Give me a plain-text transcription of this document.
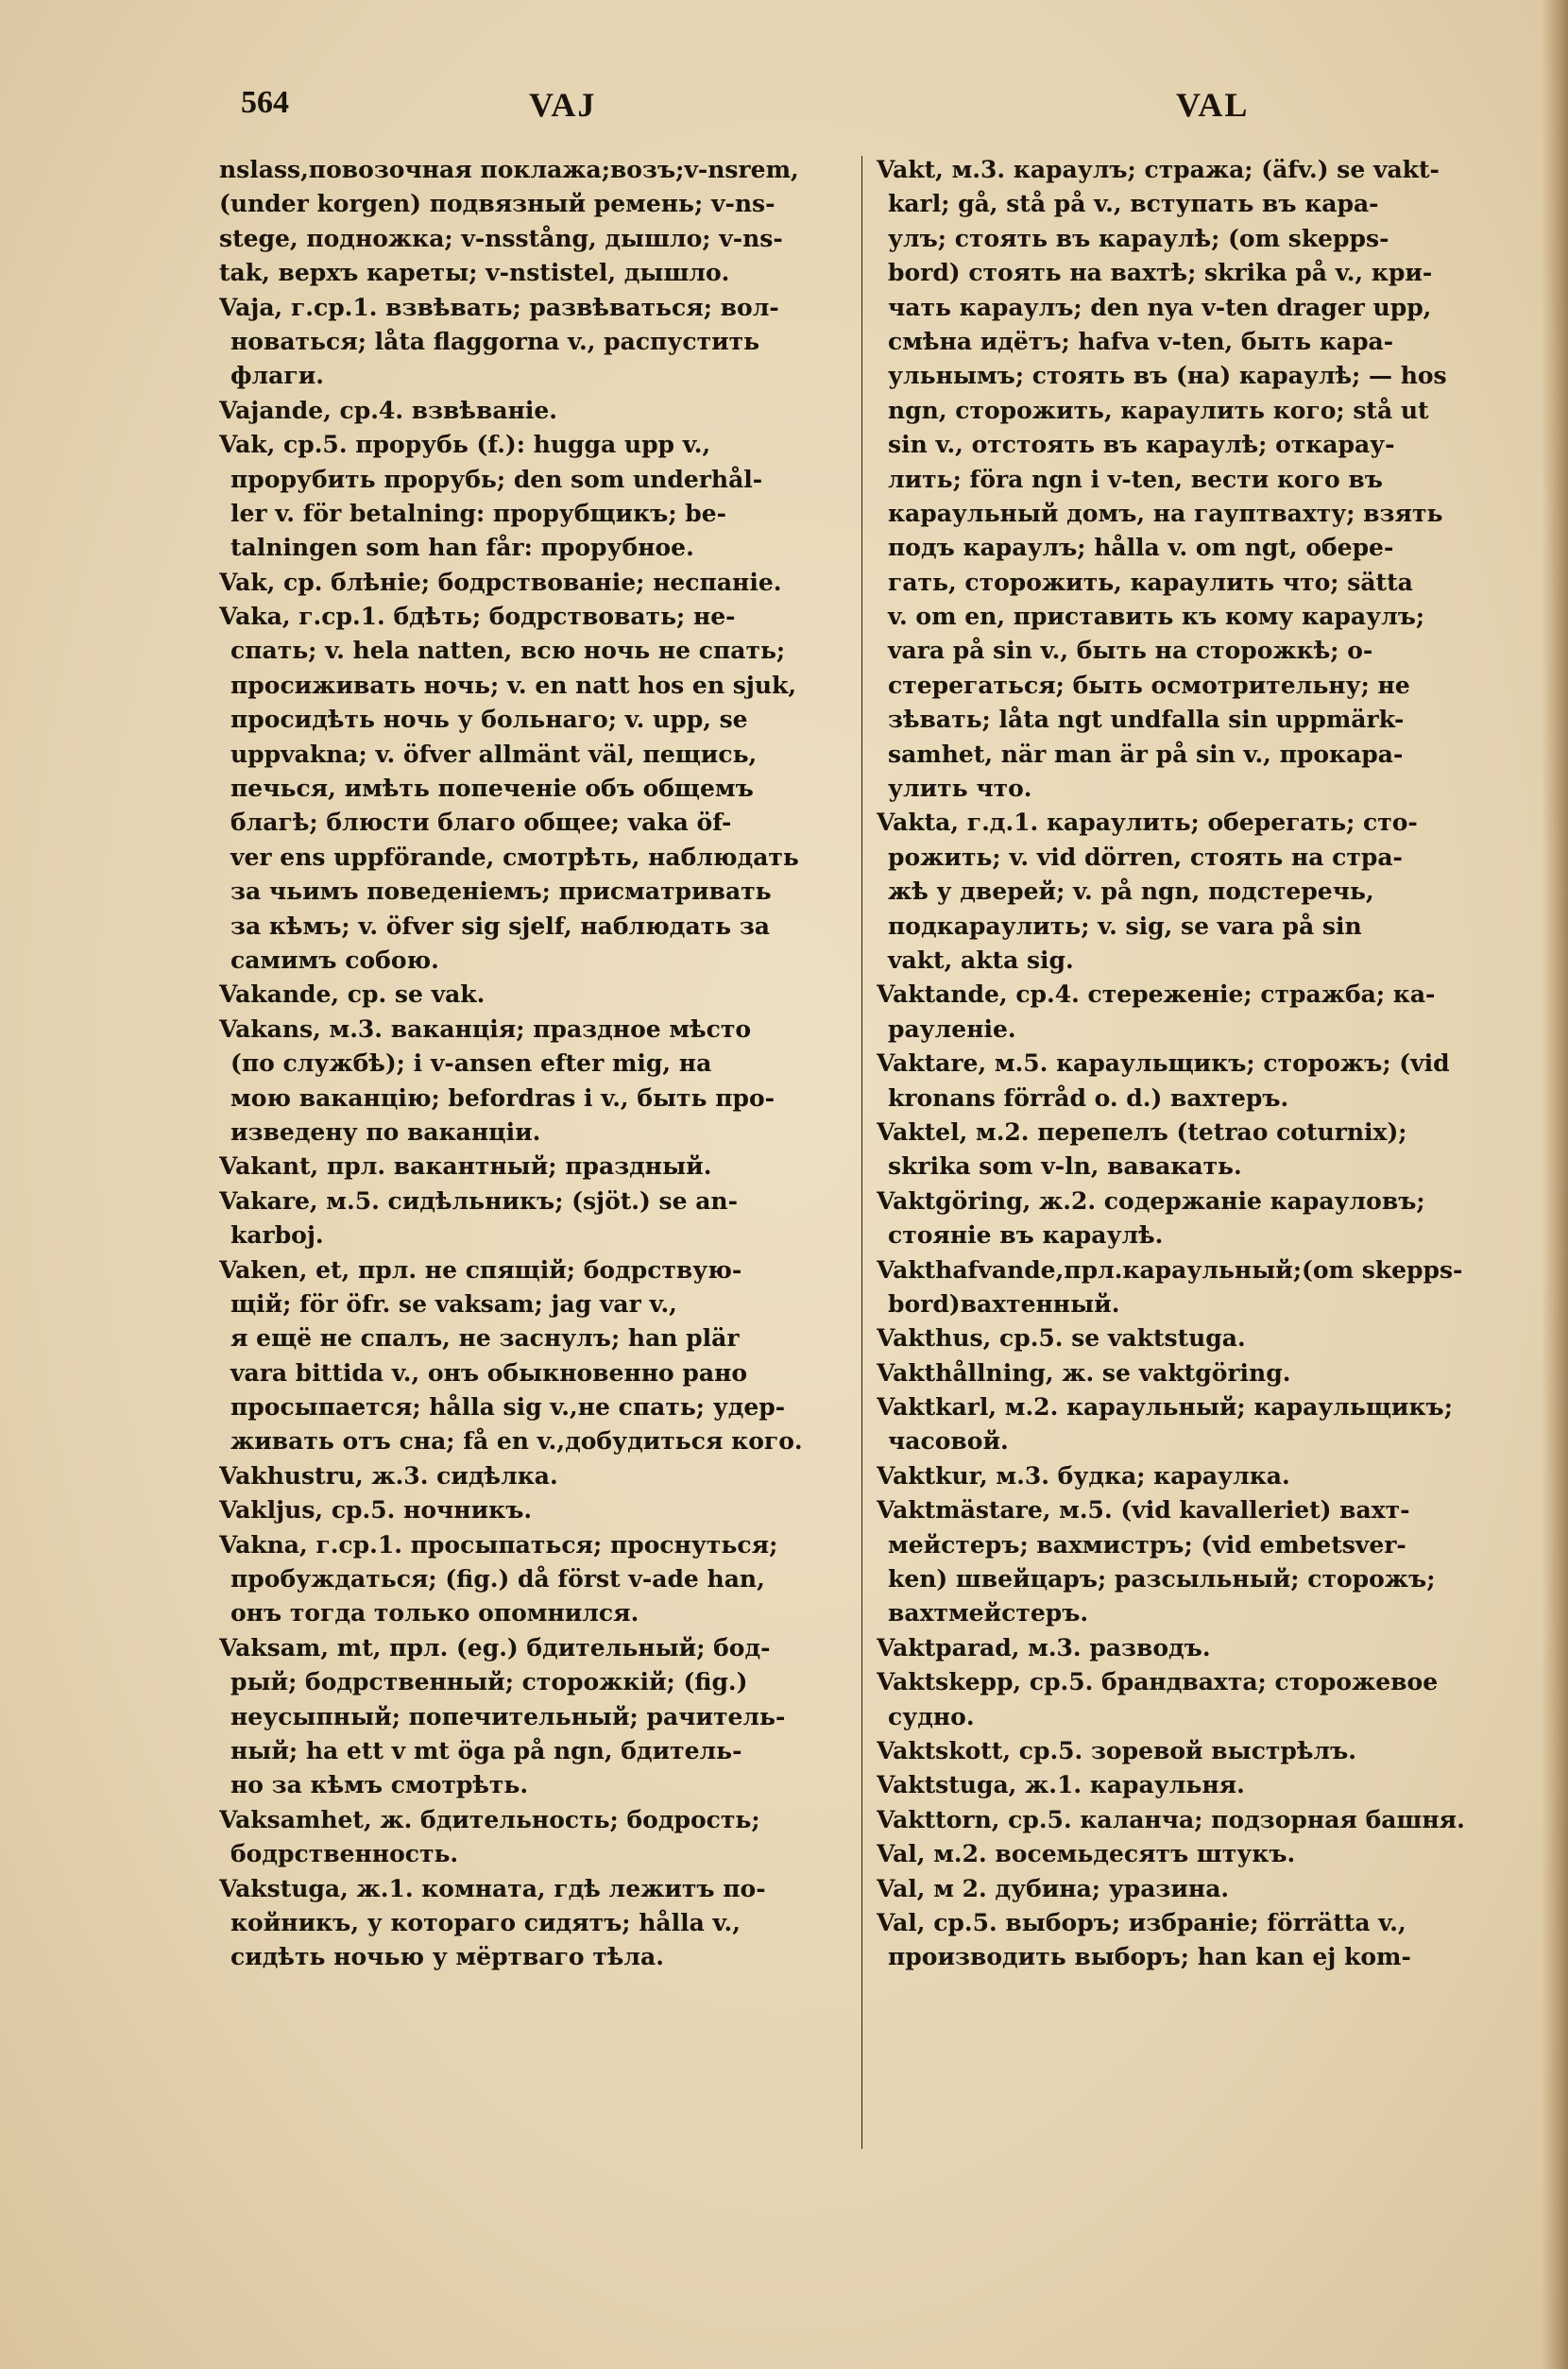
564	VAJ	VAL
nslass,повозочная поклажа;возъ;v-nsrem,
(under korgen) подвязный ремень; v-ns-
stege, подножка; v-nsstång, дышло; v-ns-
tak, верхъ кареты; v-nstistel, дышло.
Vaja, г.ср.1. взвѣвать; развѣваться; вол-
новаться; låta flaggorna v., распустить
флаги.
Vajande, ср.4. взвѣваніе.
Vak, ср.5. прорубь (f.): hugga upp v.,
прорубить прорубь; den som underhål-
ler v. för betalning: прорубщикъ; be-
talningen som han får: прорубное.
Vak, ср. блѣніе; бодрствованіе; неспаніе.
Vaka, г.ср.1. бдѣть; бодрствовать; не-
спать; v. hela natten, всю ночь не спать;
просиживать ночь; v. en natt hos en sjuk,
просидѣть ночь у больнаго; v. upp, se
uppvakna; v. öfver allmänt väl, пещись,
печься, имѣть попеченіе объ общемъ
благѣ; блюсти благо общее; vaka öf-
ver ens uppförande, смотрѣть, наблюдать
за чьимъ поведеніемъ; присматривать
за кѣмъ; v. öfver sig sjelf, наблюдать за
самимъ собою.
Vakande, ср. se vak.
Vakans, м.3. ваканція; праздное мѣсто
(по службѣ); i v-ansen efter mig, на
мою ваканцію; befordras i v., быть про-
изведену по ваканціи.
Vakant, прл. вакантный; праздный.
Vakare, м.5. сидѣльникъ; (sjöt.) se an-
karboj.
Vaken, et, прл. не спящій; бодрствую-
щій; för öfr. se vaksam; jag var v.,
я ещё не спалъ, не заснулъ; han plär
vara bittida v., онъ обыкновенно рано
просыпается; hålla sig v.,не спать; удер-
живать отъ сна; få en v.,добудиться кого.
Vakhustru, ж.3. сидѣлка.
Vakljus, ср.5. ночникъ.
Vakna, г.ср.1. просыпаться; проснуться;
пробуждаться; (fig.) då först v-ade han,
онъ тогда только опомнился.
Vaksam, mt, прл. (eg.) бдительный; бод-
рый; бодрственный; сторожкій; (fig.)
неусыпный; попечительный; рачитель-
ный; ha ett v mt öga på ngn, бдитель-
но за кѣмъ смотрѣть.
Vaksamhet, ж. бдительность; бодрость;
бодрственность.
Vakstuga, ж.1. комната, гдѣ лежитъ по-
койникъ, у котораго сидятъ; hålla v.,
сидѣть ночью у мёртваго тѣла.
Vakt, м.3. караулъ; стража; (äfv.) se vakt-
karl; gå, stå på v., вступать въ кара-
улъ; стоять въ караулѣ; (om skepps-
bord) стоять на вахтѣ; skrika på v., кри-
чать караулъ; den nya v-ten drager upp,
смѣна идётъ; hafva v-ten, быть кара-
ульнымъ; стоять въ (на) караулѣ; — hos
ngn, сторожить, караулить кого; stå ut
sin v., отстоять въ караулѣ; откарау-
лить; föra ngn i v-ten, вести кого въ
караульный домъ, на гауптвахту; взять
подъ караулъ; hålla v. om ngt, обере-
гать, сторожить, караулить что; sätta
v. om en, приставить къ кому караулъ;
vara på sin v., быть на сторожкѣ; о-
стерегаться; быть осмотрительну; не
зѣвать; låta ngt undfalla sin uppmärk-
samhet, när man är på sin v., прокара-
улить что.
Vakta, г.д.1. караулить; оберегать; сто-
рожить; v. vid dörren, стоять на стра-
жѣ у дверей; v. på ngn, подстеречь,
подкараулить; v. sig, se vara på sin
vakt, akta sig.
Vaktande, ср.4. стереженіе; стражба; ка-
рауленіе.
Vaktare, м.5. караульщикъ; сторожъ; (vid
kronans förråd o. d.) вахтеръ.
Vaktel, м.2. перепелъ (tetrao coturnix);
skrika som v-ln, вавакать.
Vaktgöring, ж.2. содержаніе карауловъ;
стояніе въ караулѣ.
Vakthafvande,прл.караульный;(om skepps-
bord)вахтенный.
Vakthus, ср.5. se vaktstuga.
Vakthållning, ж. se vaktgöring.
Vaktkarl, м.2. караульный; караульщикъ;
часовой.
Vaktkur, м.3. будка; караулка.
Vaktmästare, м.5. (vid kavalleriet) вахт-
мейстеръ; вахмистръ; (vid embetsver-
ken) швейцаръ; разсыльный; сторожъ;
вахтмейстеръ.
Vaktparad, м.3. разводъ.
Vaktskepp, ср.5. брандвахта; сторожевое
судно.
Vaktskott, ср.5. зоревой выстрѣлъ.
Vaktstuga, ж.1. караульня.
Vakttorn, ср.5. каланча; подзорная башня.
Val, м.2. восемьдесятъ штукъ.
Val, м 2. дубина; уразина.
Val, ср.5. выборъ; избраніе; förrätta v.,
производить выборъ; han kan ej kom-
